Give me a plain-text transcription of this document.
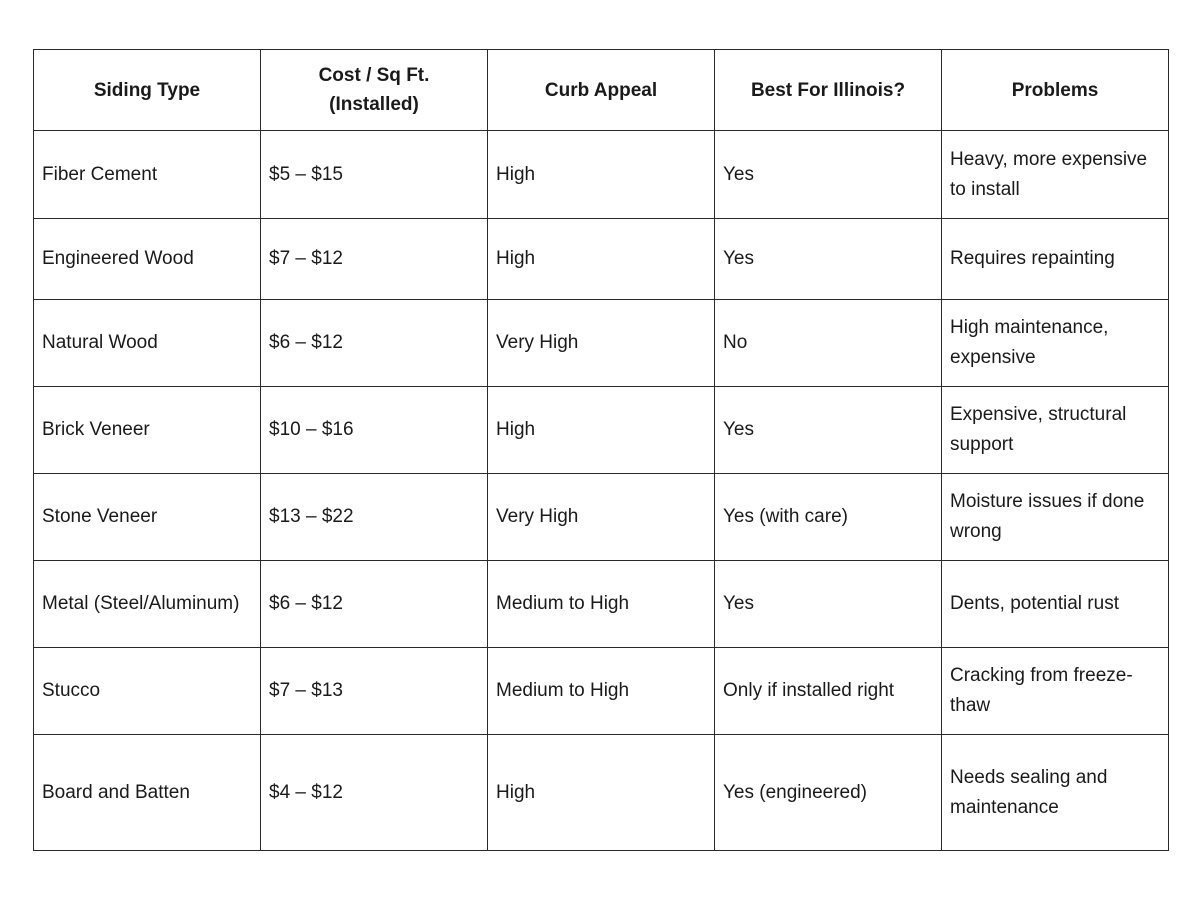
Siding Type	Cost / Sq Ft. (Installed)	Curb Appeal	Best For Illinois?	Problems
Fiber Cement	$5 – $15	High	Yes	Heavy, more expensive to install
Engineered Wood	$7 – $12	High	Yes	Requires repainting
Natural Wood	$6 – $12	Very High	No	High maintenance, expensive
Brick Veneer	$10 – $16	High	Yes	Expensive, structural support
Stone Veneer	$13 – $22	Very High	Yes (with care)	Moisture issues if done wrong
Metal (Steel/Aluminum)	$6 – $12	Medium to High	Yes	Dents, potential rust
Stucco	$7 – $13	Medium to High	Only if installed right	Cracking from freeze-thaw
Board and Batten	$4 – $12	High	Yes (engineered)	Needs sealing and maintenance
